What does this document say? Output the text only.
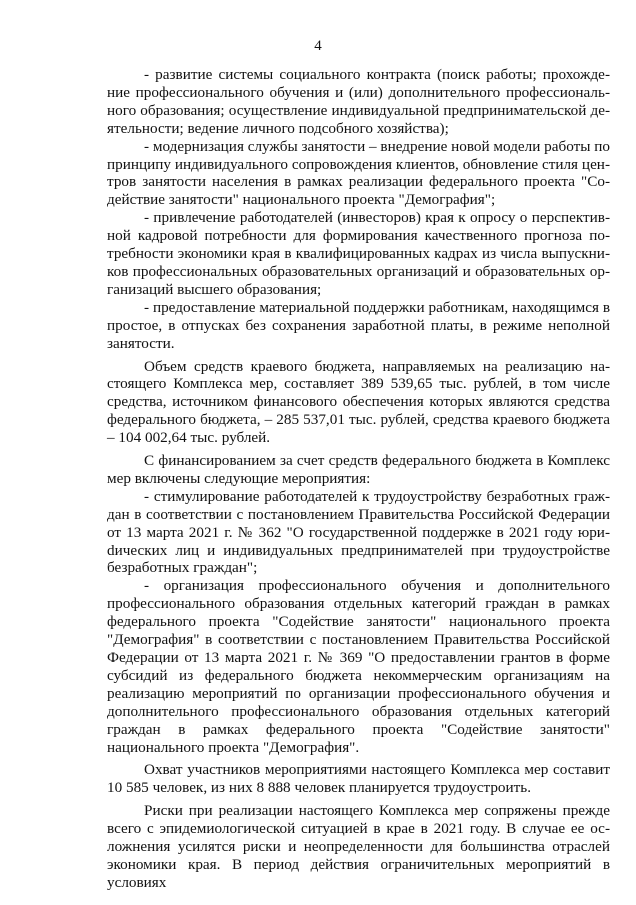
4

- развитие системы социального контракта (поиск работы; прохождение профессионального обучения и (или) дополнительного профессионального образования; осуществление индивидуальной предпринимательской деятельности; ведение личного подсобного хозяйства);

- модернизация службы занятости – внедрение новой модели работы по принципу индивидуального сопровождения клиентов, обновление стиля центров занятости населения в рамках реализации федерального проекта "Содействие занятости" национального проекта "Демография";

- привлечение работодателей (инвесторов) края к опросу о перспективной кадровой потребности для формирования качественного прогноза потребности экономики края в квалифицированных кадрах из числа выпускников профессиональных образовательных организаций и образовательных организаций высшего образования;

- предоставление материальной поддержки работникам, находящимся в простое, в отпусках без сохранения заработной платы, в режиме неполной занятости.

Объем средств краевого бюджета, направляемых на реализацию настоящего Комплекса мер, составляет 389 539,65 тыс. рублей, в том числе средства, источником финансового обеспечения которых являются средства федерального бюджета, – 285 537,01 тыс. рублей, средства краевого бюджета – 104 002,64 тыс. рублей.

С финансированием за счет средств федерального бюджета в Комплекс мер включены следующие мероприятия:

- стимулирование работодателей к трудоустройству безработных граждан в соответствии с постановлением Правительства Российской Федерации от 13 марта 2021 г. № 362 "О государственной поддержке в 2021 году юриdических лиц и индивидуальных предпринимателей при трудоустройстве безработных граждан";

- организация профессионального обучения и дополнительного профессионального образования отдельных категорий граждан в рамках федерального проекта "Содействие занятости" национального проекта "Демография" в соответствии с постановлением Правительства Российской Федерации от 13 марта 2021 г. № 369 "О предоставлении грантов в форме субсидий из федерального бюджета некоммерческим организациям на реализацию мероприятий по организации профессионального обучения и дополнительного профессионального образования отдельных категорий граждан в рамках федерального проекта "Содействие занятости" национального проекта "Демография".

Охват участников мероприятиями настоящего Комплекса мер составит 10 585 человек, из них 8 888 человек планируется трудоустроить.

Риски при реализации настоящего Комплекса мер сопряжены прежде всего с эпидемиологической ситуацией в крае в 2021 году. В случае ее осложнения усилятся риски и неопределенности для большинства отраслей экономики края. В период действия ограничительных мероприятий в условиях
